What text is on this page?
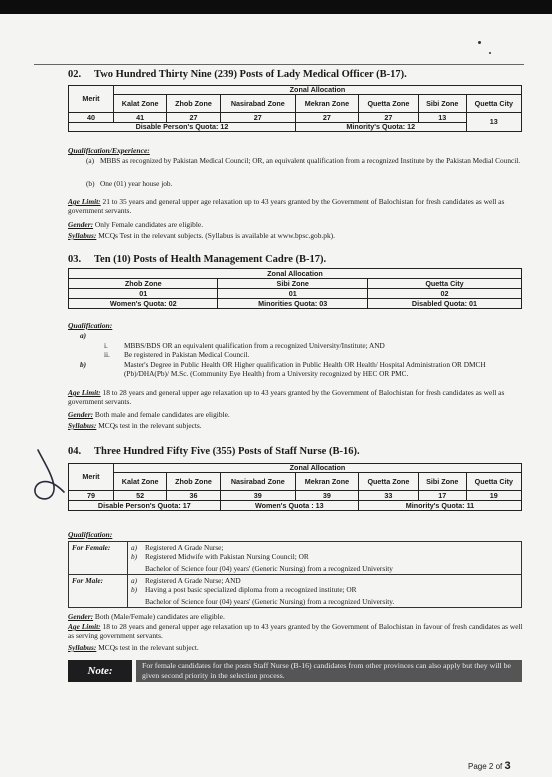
02. Two Hundred Thirty Nine (239) Posts of Lady Medical Officer (B-17).
Merit	Zonal Allocation						
	Kalat Zone	Zhob Zone	Nasirabad Zone	Mekran Zone	Quetta Zone	Sibi Zone	Quetta City
40	41	27	27	27	27	13	13
Disable Person's Quota: 12				Minority's Quota: 12			
Qualification/Experience:
(a) MBBS as recognized by Pakistan Medical Council; OR, an equivalent qualification from a recognized Institute by the Pakistan Medial Council.
(b) One (01) year house job.
Age Limit: 21 to 35 years and general upper age relaxation up to 43 years granted by the Government of Balochistan for fresh candidates as well as government servants.
Gender: Only Female candidates are eligible.
Syllabus: MCQs Test in the relevant subjects. (Syllabus is available at www.bpsc.gob.pk).
03. Ten (10) Posts of Health Management Cadre (B-17).
Zonal Allocation		
Zhob Zone	Sibi Zone	Quetta City
01	01	02
Women's Quota: 02	Minorities Quota: 03	Disabled Quota: 01
Qualification:
a)
i. MBBS/BDS OR an equivalent qualification from a recognized University/Institute; AND
ii. Be registered in Pakistan Medical Council.
b)	Master's Degree in Public Health OR Higher qualification in Public Health OR Health/ Hospital Administration OR DMCH (Pb)/DHA(Pb)/ M.Sc. (Community Eye Health) from a University recognized by HEC OR PMC.
Age Limit: 18 to 28 years and general upper age relaxation up to 43 years granted by the Government of Balochistan for fresh candidates as well as government servants.
Gender: Both male and female candidates are eligible.
Syllabus: MCQs test in the relevant subjects.
04. Three Hundred Fifty Five (355) Posts of Staff Nurse (B-16).
Merit	Zonal Allocation						
	Kalat Zone	Zhob Zone	Nasirabad Zone	Mekran Zone	Quetta Zone	Sibi Zone	Quetta City
79	52	36	39	39	33	17	19
Disable Person's Quota: 17			Women's Quota : 13		Minority's Quota: 11		
Qualification:
For Female:	a) Registered A Grade Nurse;
b) Registered Midwife with Pakistan Nursing Council; OR
Bachelor of Science four (04) years' (Generic Nursing) from a recognized University

For Male:	a) Registered A Grade Nurse; AND
b) Having a post basic specialized diploma from a recognized institute; OR
Bachelor of Science four (04) years' (Generic Nursing) from a recognized University.
Gender: Both (Male/Female) candidates are eligible.
Age Limit: 18 to 28 years and general upper age relaxation up to 43 years granted by the Government of Balochistan in favour of fresh candidates as well as serving government servants.
Syllabus: MCQs test in the relevant subject.
Note:	For female candidates for the posts Staff Nurse (B-16) candidates from other provinces can also apply but they will be given second priority in the selection process.
Page 2 of 3
